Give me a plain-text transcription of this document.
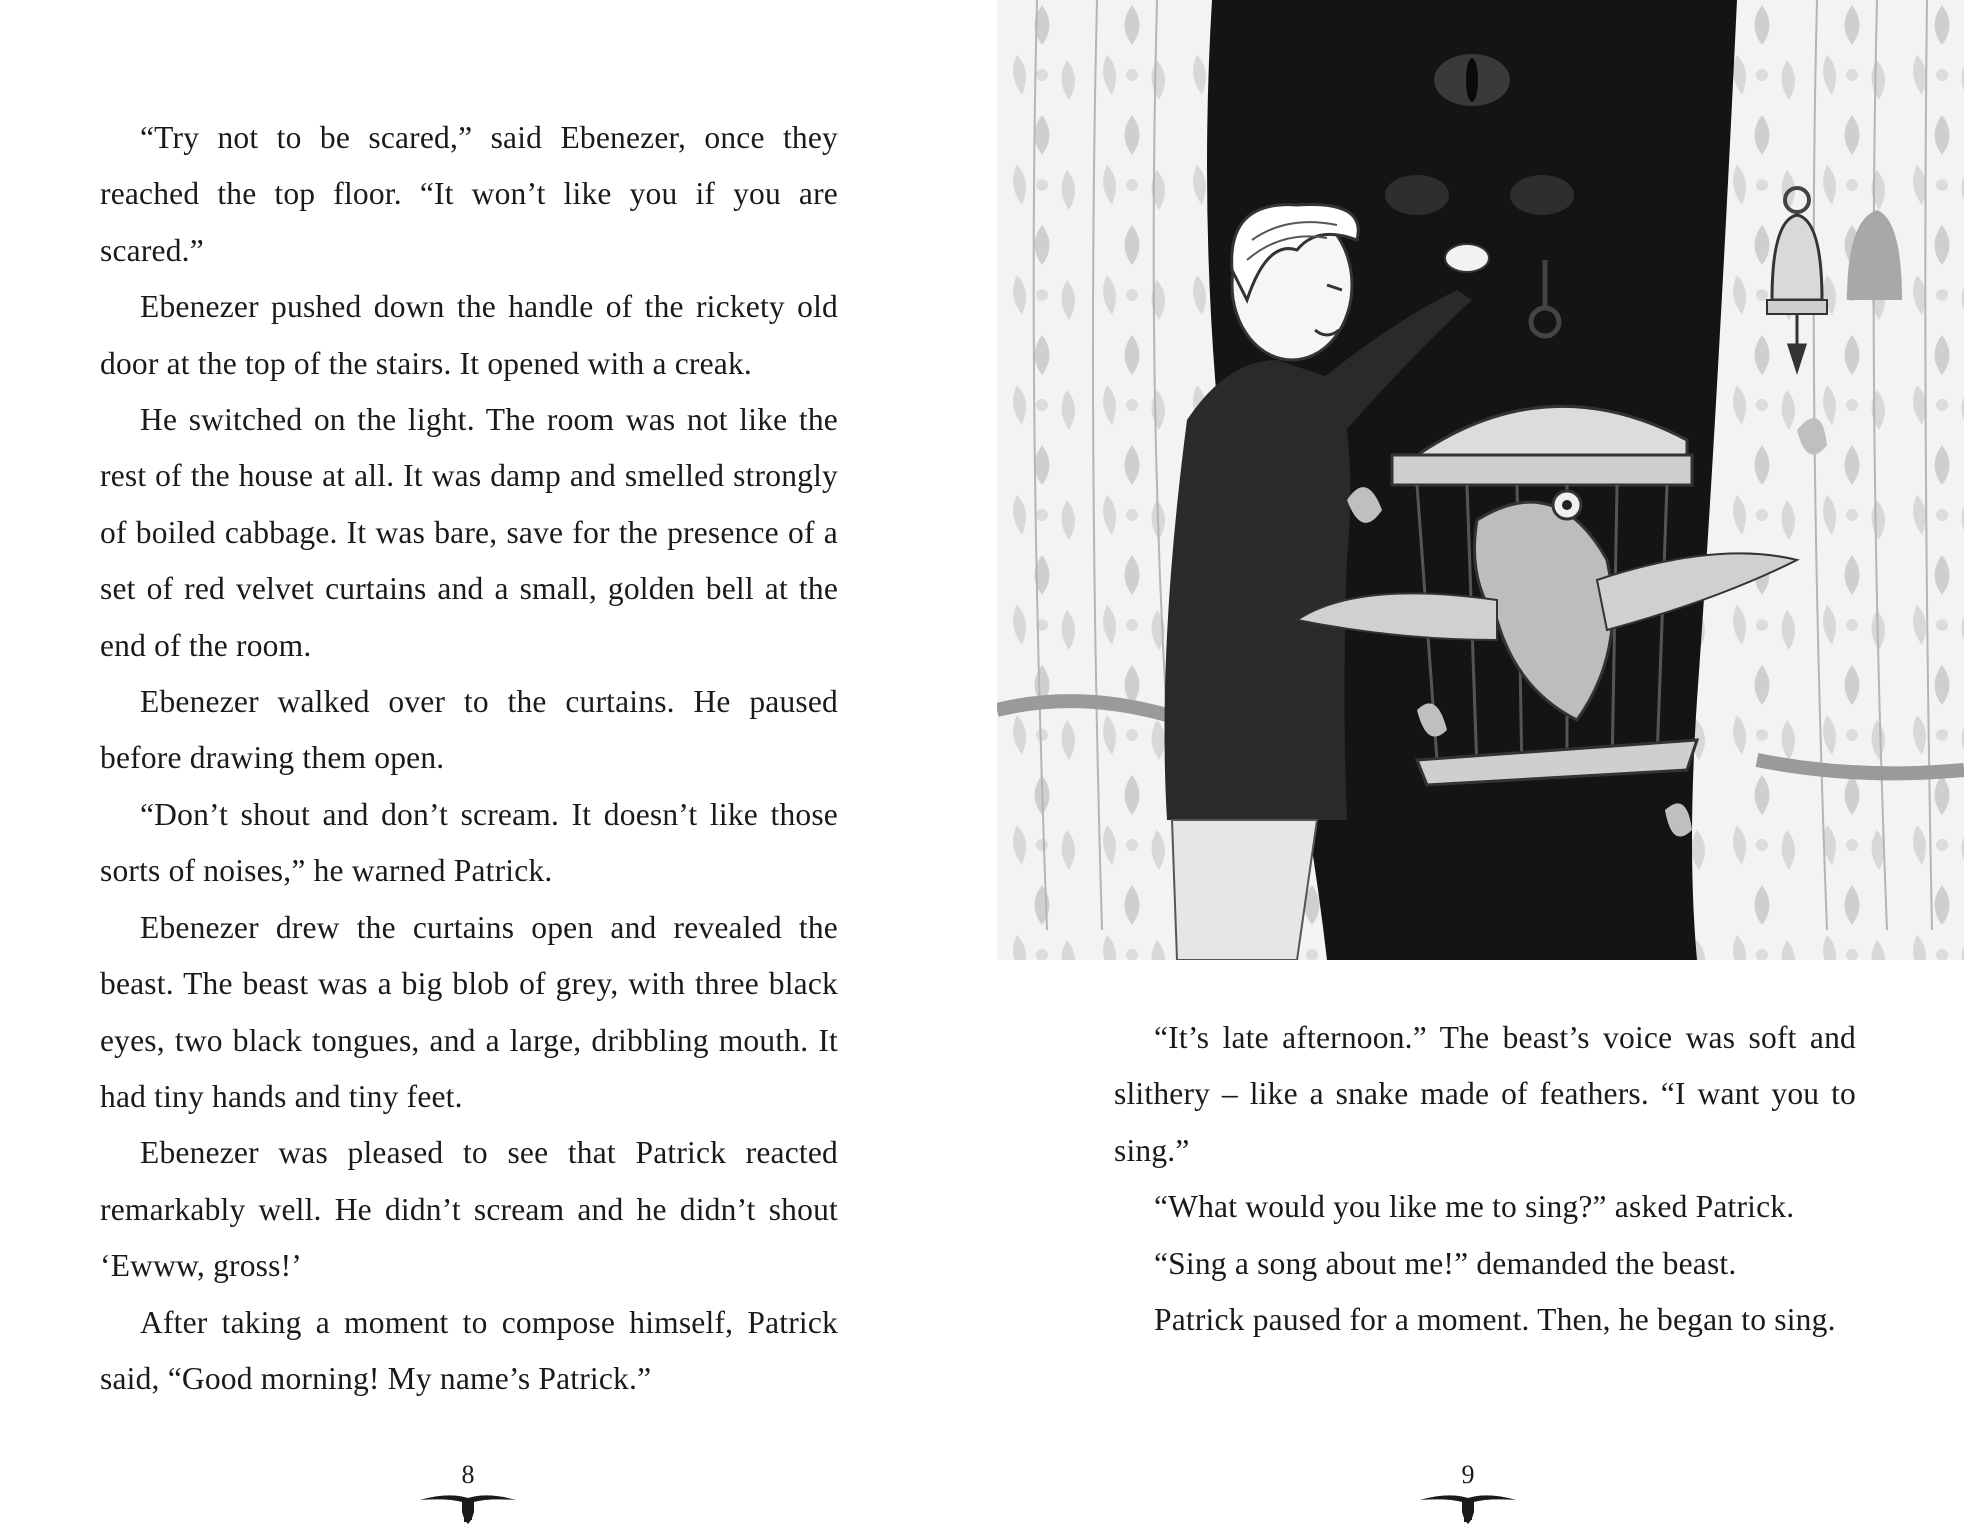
“Try not to be scared,” said Ebenezer, once they reached the top floor. “It won’t like you if you are scared.”

Ebenezer pushed down the handle of the rickety old door at the top of the stairs. It opened with a creak.

He switched on the light. The room was not like the rest of the house at all. It was damp and smelled strongly of boiled cabbage. It was bare, save for the presence of a set of red velvet curtains and a small, golden bell at the end of the room.

Ebenezer walked over to the curtains. He paused before drawing them open.

“Don’t shout and don’t scream. It doesn’t like those sorts of noises,” he warned Patrick.

Ebenezer drew the curtains open and revealed the beast. The beast was a big blob of grey, with three black eyes, two black tongues, and a large, dribbling mouth. It had tiny hands and tiny feet.

Ebenezer was pleased to see that Patrick reacted remarkably well. He didn’t scream and he didn’t shout ‘Ewww, gross!’

After taking a moment to compose himself, Patrick said, “Good morning! My name’s Patrick.”

8

“It’s late afternoon.” The beast’s voice was soft and slithery – like a snake made of feathers. “I want you to sing.”

“What would you like me to sing?” asked Patrick.

“Sing a song about me!” demanded the beast.

Patrick paused for a moment. Then, he began to sing.

9
